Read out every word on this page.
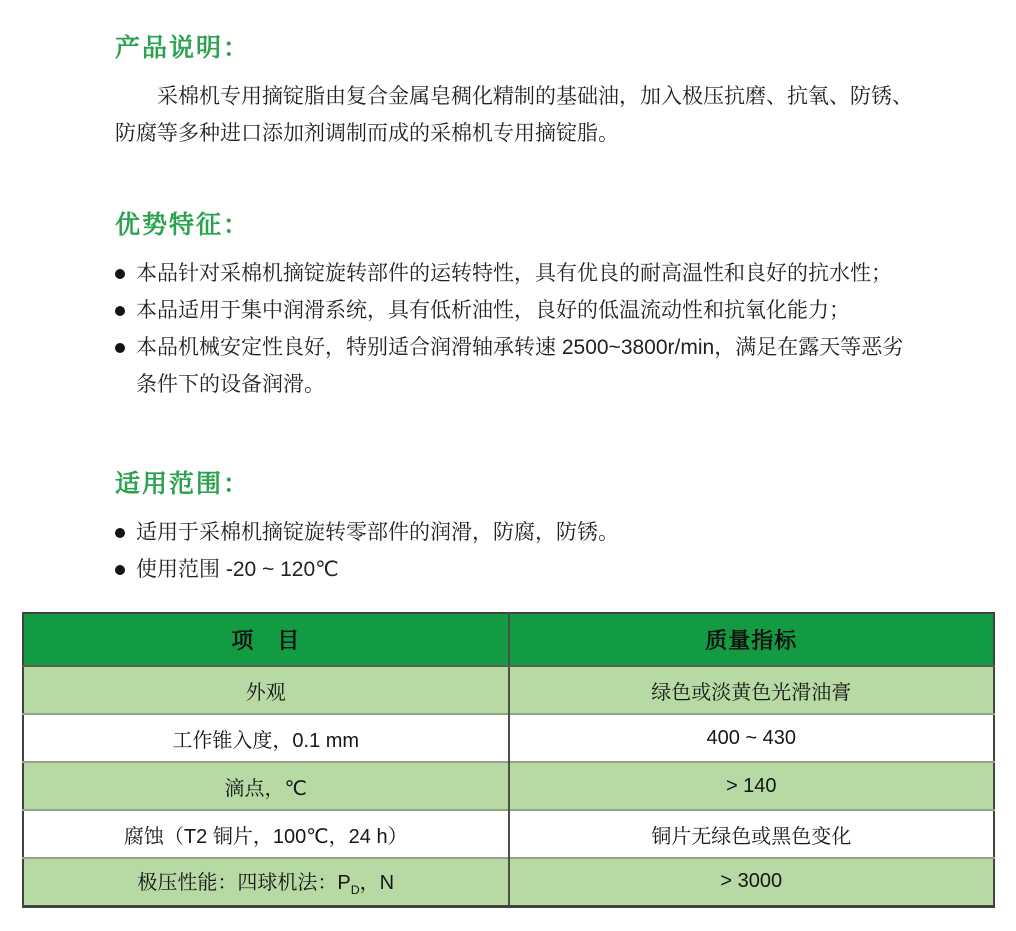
产品说明：

采棉机专用摘锭脂由复合金属皂稠化精制的基础油，加入极压抗磨、抗氧、防锈、防腐等多种进口添加剂调制而成的采棉机专用摘锭脂。

优势特征：
本品针对采棉机摘锭旋转部件的运转特性，具有优良的耐高温性和良好的抗水性；
本品适用于集中润滑系统，具有低析油性，良好的低温流动性和抗氧化能力；
本品机械安定性良好，特别适合润滑轴承转速 2500~3800r/min，满足在露天等恶劣条件下的设备润滑。
适用范围：
适用于采棉机摘锭旋转零部件的润滑，防腐，防锈。
使用范围 -20 ~ 120℃
项　目	质量指标
外观	绿色或淡黄色光滑油膏
工作锥入度，0.1 mm	400 ~ 430
滴点，℃	> 140
腐蚀（T2 铜片，100℃，24 h）	铜片无绿色或黑色变化
极压性能：四球机法：$P_D$，N	> 3000
